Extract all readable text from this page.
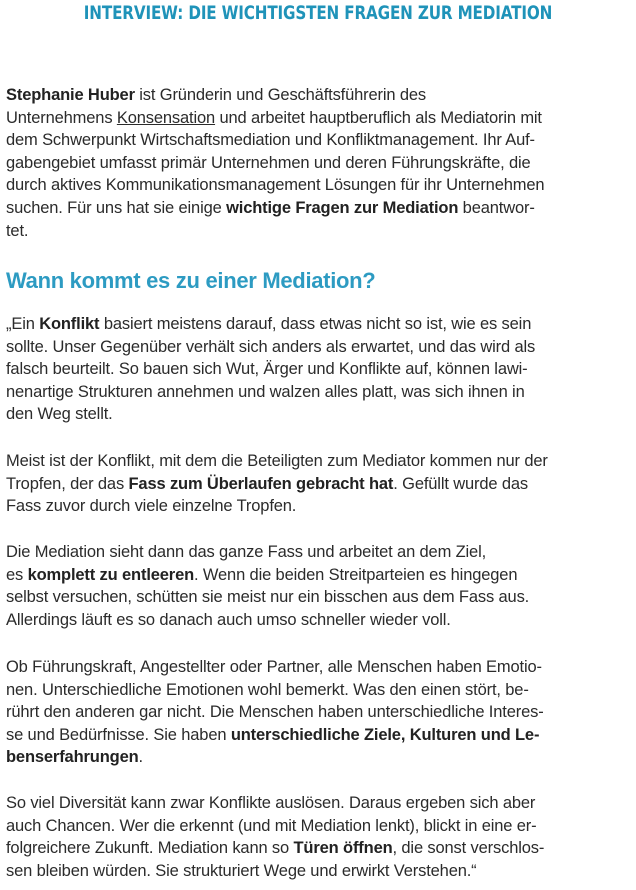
INTERVIEW: DIE WICHTIGSTEN FRAGEN ZUR MEDIATION
Stephanie Huber ist Gründerin und Geschäftsführerin des
Unternehmens Konsensation und arbeitet hauptberuflich als Mediatorin mit
dem Schwerpunkt Wirtschaftsmediation und Konfliktmanagement. Ihr Auf-
gabengebiet umfasst primär Unternehmen und deren Führungskräfte, die
durch aktives Kommunikationsmanagement Lösungen für ihr Unternehmen
suchen. Für uns hat sie einige wichtige Fragen zur Mediation beantwor-
tet.
Wann kommt es zu einer Mediation?
„Ein Konflikt basiert meistens darauf, dass etwas nicht so ist, wie es sein
sollte. Unser Gegenüber verhält sich anders als erwartet, und das wird als
falsch beurteilt. So bauen sich Wut, Ärger und Konflikte auf, können lawi-
nenartige Strukturen annehmen und walzen alles platt, was sich ihnen in
den Weg stellt.
Meist ist der Konflikt, mit dem die Beteiligten zum Mediator kommen nur der
Tropfen, der das Fass zum Überlaufen gebracht hat. Gefüllt wurde das
Fass zuvor durch viele einzelne Tropfen.
Die Mediation sieht dann das ganze Fass und arbeitet an dem Ziel,
es komplett zu entleeren. Wenn die beiden Streitparteien es hingegen
selbst versuchen, schütten sie meist nur ein bisschen aus dem Fass aus.
Allerdings läuft es so danach auch umso schneller wieder voll.
Ob Führungskraft, Angestellter oder Partner, alle Menschen haben Emotio-
nen. Unterschiedliche Emotionen wohl bemerkt. Was den einen stört, be-
rührt den anderen gar nicht. Die Menschen haben unterschiedliche Interes-
se und Bedürfnisse. Sie haben unterschiedliche Ziele, Kulturen und Le-
benserfahrungen.
So viel Diversität kann zwar Konflikte auslösen. Daraus ergeben sich aber
auch Chancen. Wer die erkennt (und mit Mediation lenkt), blickt in eine er-
folgreichere Zukunft. Mediation kann so Türen öffnen, die sonst verschlos-
sen bleiben würden. Sie strukturiert Wege und erwirkt Verstehen.“
